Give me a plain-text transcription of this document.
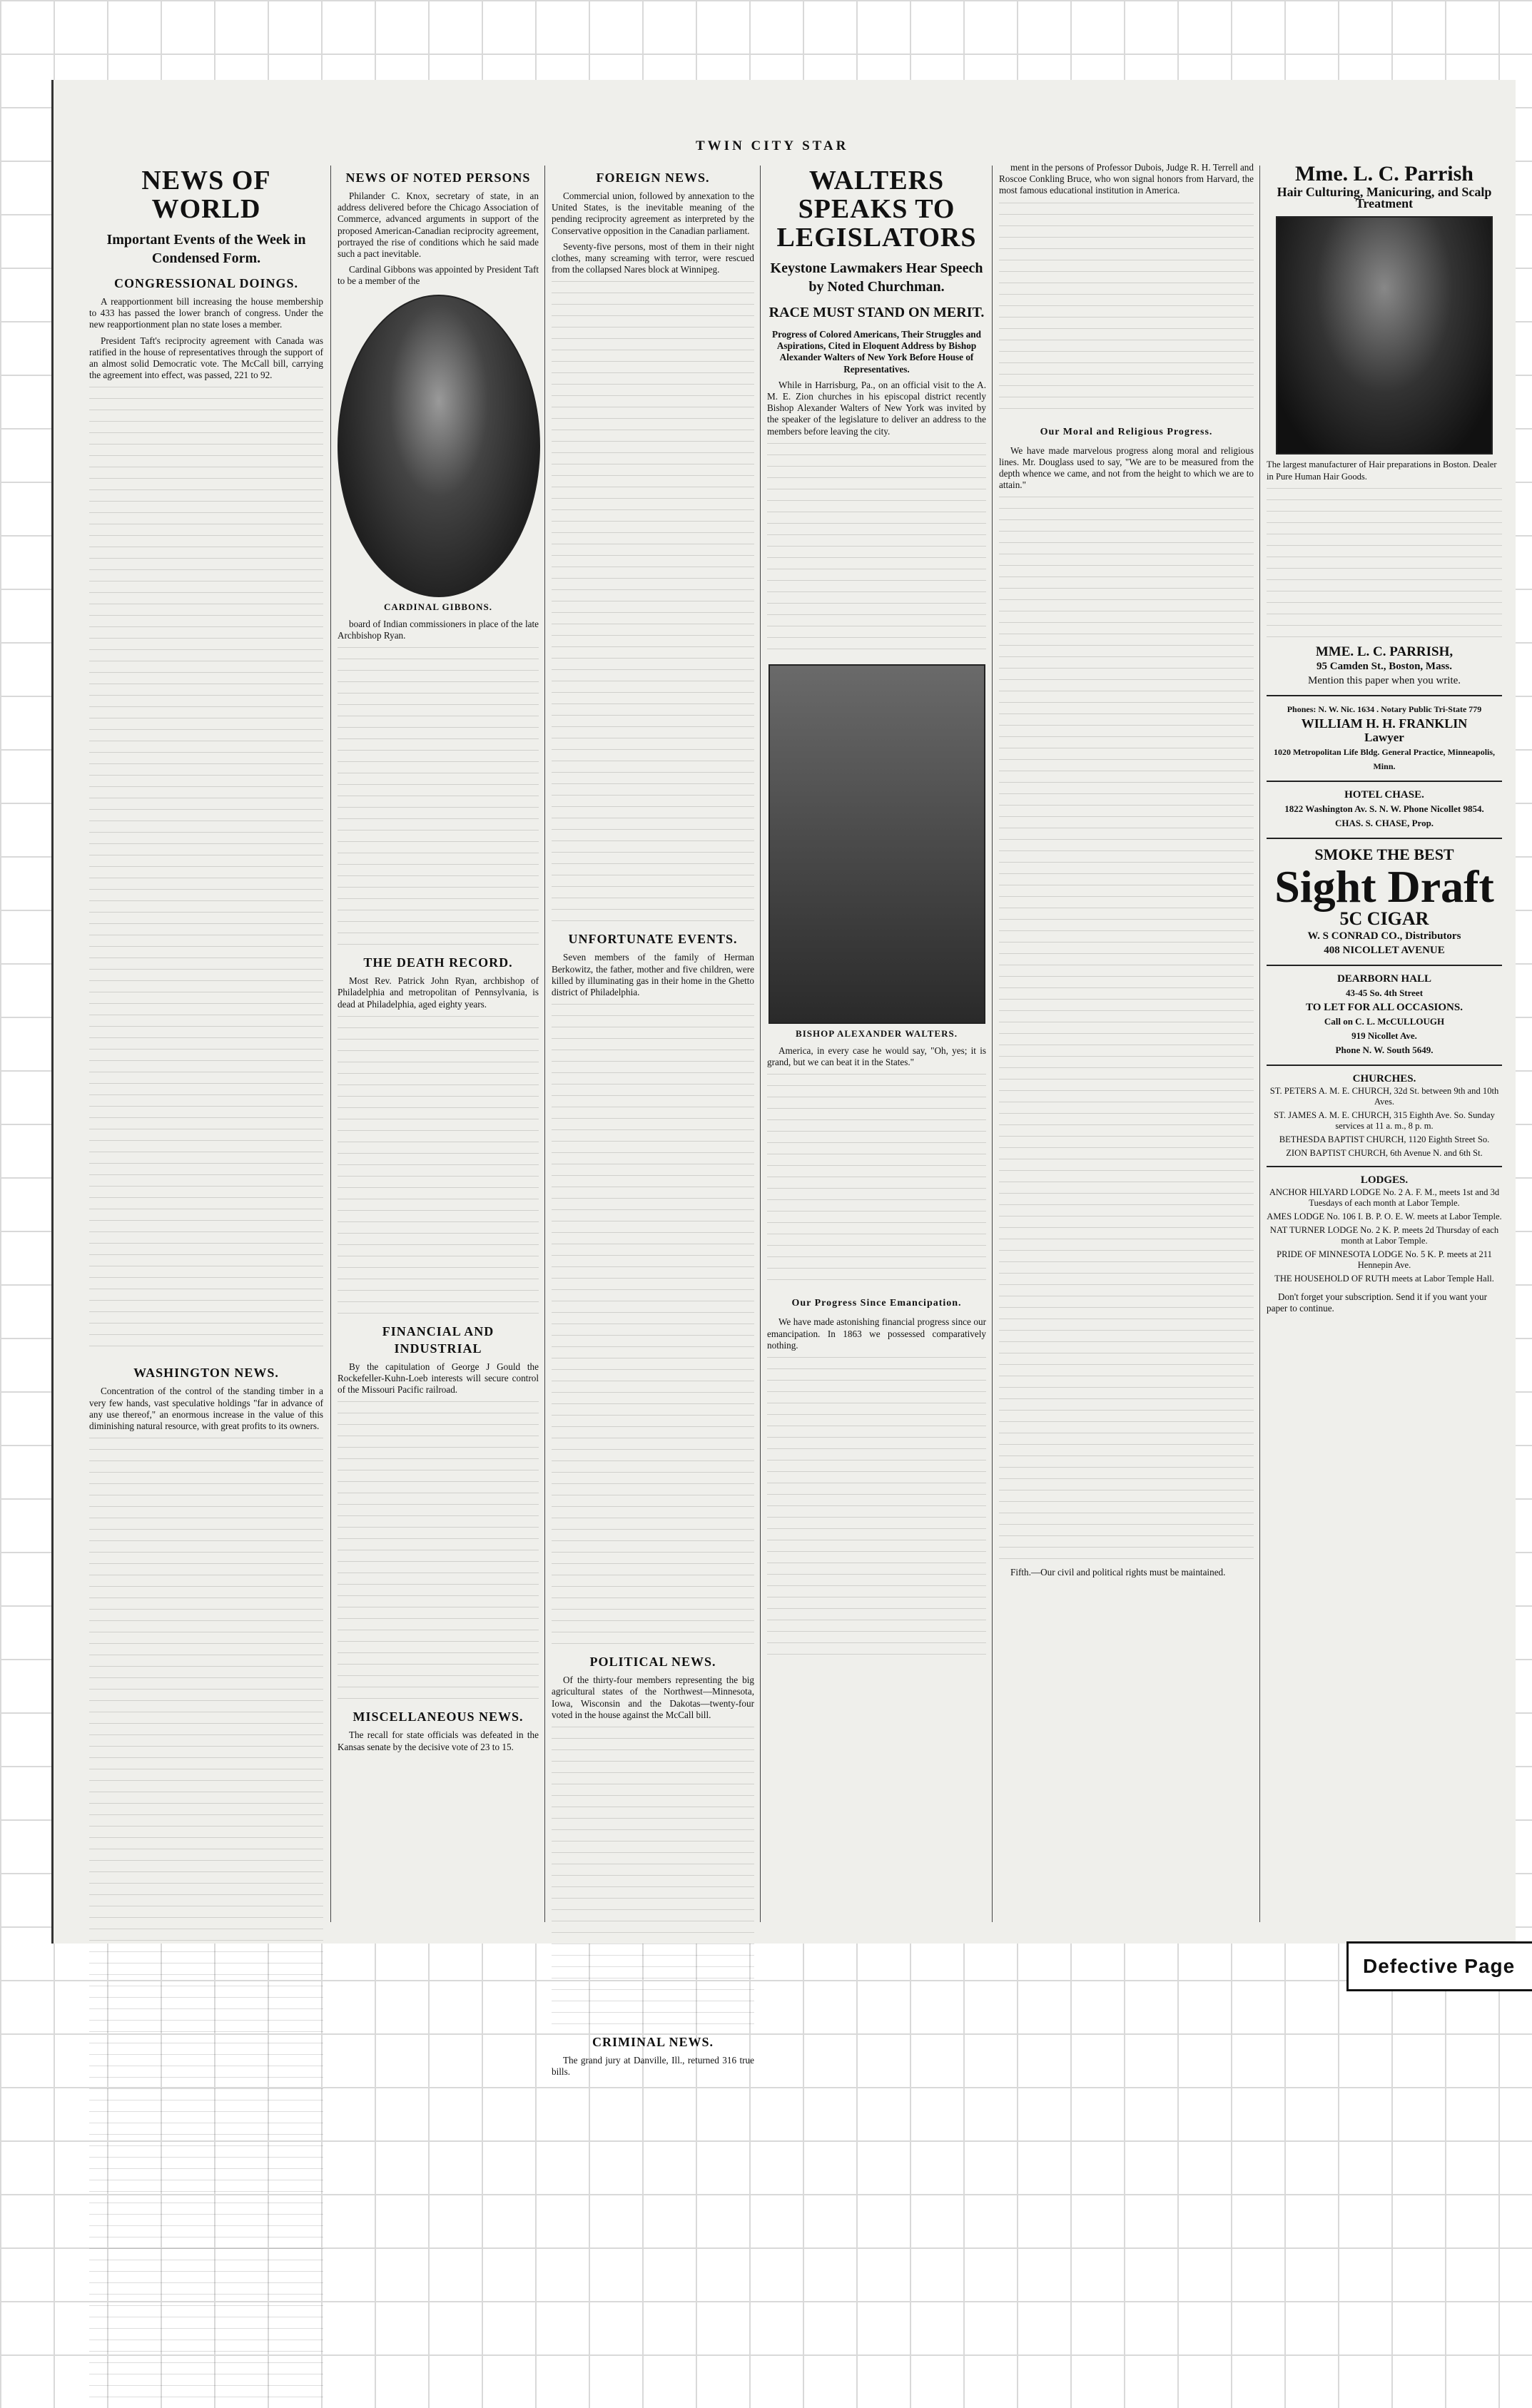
TWIN CITY STAR
NEWS OF WORLD
Important Events of the Week in Condensed Form.
CONGRESSIONAL DOINGS.

A reapportionment bill increasing the house membership to 433 has passed the lower branch of congress. Under the new reapportionment plan no state loses a member.

President Taft's reciprocity agreement with Canada was ratified in the house of representatives through the support of an almost solid Democratic vote. The McCall bill, carrying the agreement into effect, was passed, 221 to 92.

WASHINGTON NEWS.

Concentration of the control of the standing timber in a very few hands, vast speculative holdings "far in advance of any use thereof," an enormous increase in the value of this diminishing natural resource, with great profits to its owners.

NEWS OF NOTED PERSONS

Philander C. Knox, secretary of state, in an address delivered before the Chicago Association of Commerce, advanced arguments in support of the proposed American-Canadian reciprocity agreement, portrayed the rise of conditions which he said made such a pact inevitable.

Cardinal Gibbons was appointed by President Taft to be a member of the

CARDINAL GIBBONS.

board of Indian commissioners in place of the late Archbishop Ryan.

THE DEATH RECORD.

Most Rev. Patrick John Ryan, archbishop of Philadelphia and metropolitan of Pennsylvania, is dead at Philadelphia, aged eighty years.

FINANCIAL AND INDUSTRIAL

By the capitulation of George J Gould the Rockefeller-Kuhn-Loeb interests will secure control of the Missouri Pacific railroad.

MISCELLANEOUS NEWS.

The recall for state officials was defeated in the Kansas senate by the decisive vote of 23 to 15.

FOREIGN NEWS.

Commercial union, followed by annexation to the United States, is the inevitable meaning of the pending reciprocity agreement as interpreted by the Conservative opposition in the Canadian parliament.

Seventy-five persons, most of them in their night clothes, many screaming with terror, were rescued from the collapsed Nares block at Winnipeg.

UNFORTUNATE EVENTS.

Seven members of the family of Herman Berkowitz, the father, mother and five children, were killed by illuminating gas in their home in the Ghetto district of Philadelphia.

POLITICAL NEWS.

Of the thirty-four members representing the big agricultural states of the Northwest—Minnesota, Iowa, Wisconsin and the Dakotas—twenty-four voted in the house against the McCall bill.

CRIMINAL NEWS.

The grand jury at Danville, Ill., returned 316 true bills.

WALTERS SPEAKS TO LEGISLATORS
Keystone Lawmakers Hear Speech by Noted Churchman.
RACE MUST STAND ON MERIT.

Progress of Colored Americans, Their Struggles and Aspirations, Cited in Eloquent Address by Bishop Alexander Walters of New York Before House of Representatives.

While in Harrisburg, Pa., on an official visit to the A. M. E. Zion churches in his episcopal district recently Bishop Alexander Walters of New York was invited by the speaker of the legislature to deliver an address to the members before leaving the city.

BISHOP ALEXANDER WALTERS.

America, in every case he would say, "Oh, yes; it is grand, but we can beat it in the States."

Our Progress Since Emancipation.

We have made astonishing financial progress since our emancipation. In 1863 we possessed comparatively nothing.

ment in the persons of Professor Dubois, Judge R. H. Terrell and Roscoe Conkling Bruce, who won signal honors from Harvard, the most famous educational institution in America.

Our Moral and Religious Progress.

We have made marvelous progress along moral and religious lines. Mr. Douglass used to say, "We are to be measured from the depth whence we came, and not from the height to which we are to attain."

Fifth.—Our civil and political rights must be maintained.

Mme. L. C. Parrish
Hair Culturing, Manicuring, and Scalp Treatment

The largest manufacturer of Hair preparations in Boston. Dealer in Pure Human Hair Goods.

MME. L. C. PARRISH,
95 Camden St., Boston, Mass.
Mention this paper when you write.
Phones: N. W. Nic. 1634 . Notary Public Tri-State 779
WILLIAM H. H. FRANKLIN
Lawyer
1020 Metropolitan Life Bldg. General Practice, Minneapolis, Minn.
HOTEL CHASE.
1822 Washington Av. S. N. W. Phone Nicollet 9854.
CHAS. S. CHASE, Prop.
SMOKE THE BEST
Sight Draft
5C CIGAR
W. S CONRAD CO., Distributors
408 NICOLLET AVENUE
DEARBORN HALL
43-45 So. 4th Street
TO LET FOR ALL OCCASIONS.
Call on C. L. McCULLOUGH
919 Nicollet Ave.
Phone N. W. South 5649.
CHURCHES.

ST. PETERS A. M. E. CHURCH, 32d St. between 9th and 10th Aves.

ST. JAMES A. M. E. CHURCH, 315 Eighth Ave. So. Sunday services at 11 a. m., 8 p. m.

BETHESDA BAPTIST CHURCH, 1120 Eighth Street So.

ZION BAPTIST CHURCH, 6th Avenue N. and 6th St.

LODGES.

ANCHOR HILYARD LODGE No. 2 A. F. M., meets 1st and 3d Tuesdays of each month at Labor Temple.

AMES LODGE No. 106 I. B. P. O. E. W. meets at Labor Temple.

NAT TURNER LODGE No. 2 K. P. meets 2d Thursday of each month at Labor Temple.

PRIDE OF MINNESOTA LODGE No. 5 K. P. meets at 211 Hennepin Ave.

THE HOUSEHOLD OF RUTH meets at Labor Temple Hall.

Don't forget your subscription. Send it if you want your paper to continue.

Defective Page
